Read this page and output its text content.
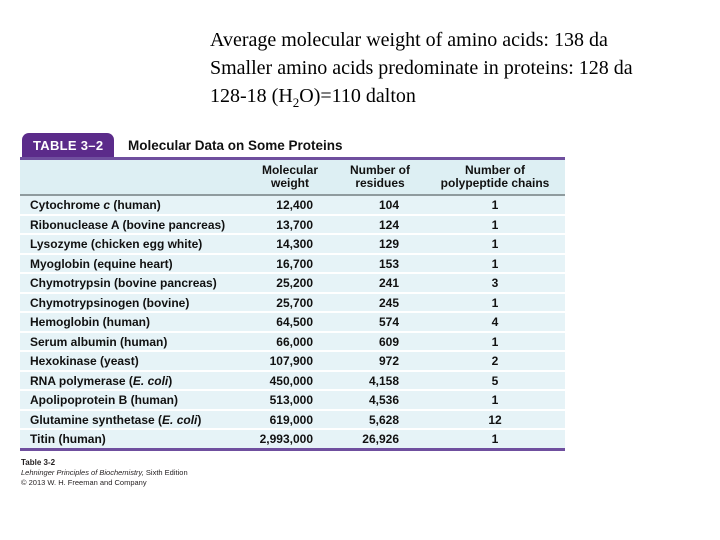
Average molecular weight of amino acids: 138 da
Smaller amino acids predominate in proteins: 128 da
128-18 $(H_2O)=110$ dalton
TABLE 3–2	Molecular Data on Some Proteins
	Molecular weight	Number of residues	Number of polypeptide chains
Cytochrome c (human)	12,400	104	1
Ribonuclease A (bovine pancreas)	13,700	124	1
Lysozyme (chicken egg white)	14,300	129	1
Myoglobin (equine heart)	16,700	153	1
Chymotrypsin (bovine pancreas)	25,200	241	3
Chymotrypsinogen (bovine)	25,700	245	1
Hemoglobin (human)	64,500	574	4
Serum albumin (human)	66,000	609	1
Hexokinase (yeast)	107,900	972	2
RNA polymerase (E. coli)	450,000	4,158	5
Apolipoprotein B (human)	513,000	4,536	1
Glutamine synthetase (E. coli)	619,000	5,628	12
Titin (human)	2,993,000	26,926	1
Table 3-2
Lehninger Principles of Biochemistry, Sixth Edition
© 2013 W. H. Freeman and Company
